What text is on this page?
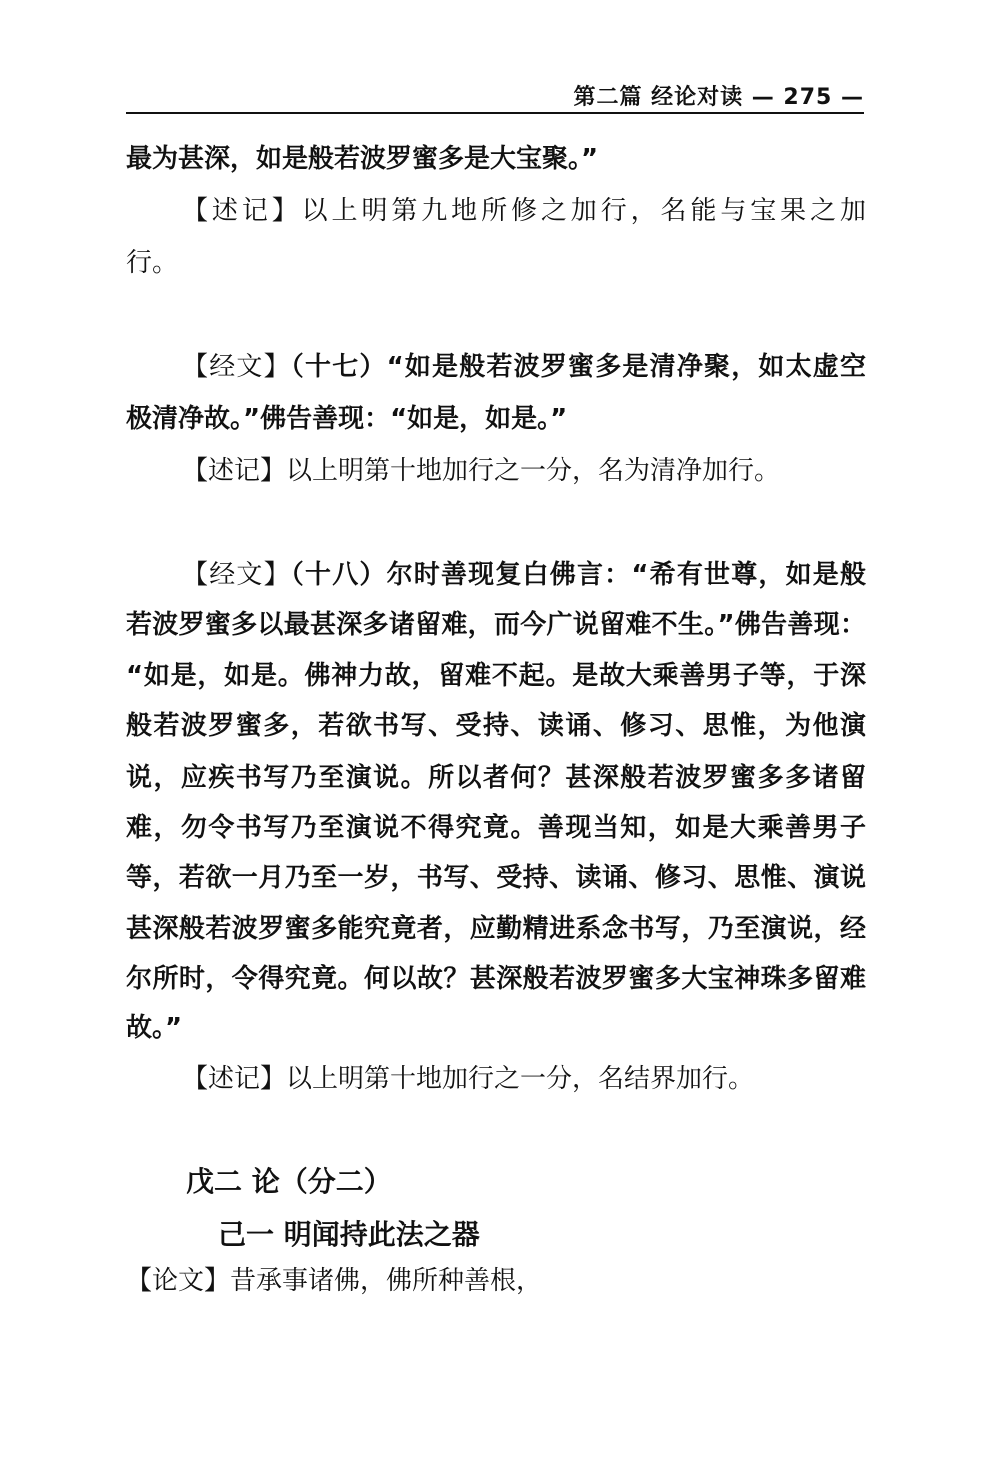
第二篇 经论对读 — 275 —
最为甚深，如是般若波罗蜜多是大宝聚。”
【述记】以上明第九地所修之加行，名能与宝果之加
行。
【经文】（十七）“如是般若波罗蜜多是清净聚，如太虚空
极清净故。”佛告善现：“如是，如是。”
【述记】以上明第十地加行之一分，名为清净加行。
【经文】（十八）尔时善现复白佛言：“希有世尊，如是般
若波罗蜜多以最甚深多诸留难，而今广说留难不生。”佛告善现：
“如是，如是。佛神力故，留难不起。是故大乘善男子等，于深
般若波罗蜜多，若欲书写、受持、读诵、修习、思惟，为他演
说，应疾书写乃至演说。所以者何？甚深般若波罗蜜多多诸留
难，勿令书写乃至演说不得究竟。善现当知，如是大乘善男子
等，若欲一月乃至一岁，书写、受持、读诵、修习、思惟、演说
甚深般若波罗蜜多能究竟者，应勤精进系念书写，乃至演说，经
尔所时，令得究竟。何以故？甚深般若波罗蜜多大宝神珠多留难
故。”
【述记】以上明第十地加行之一分，名结界加行。
戊二 论（分二）
己一 明闻持此法之器
【论文】昔承事诸佛，佛所种善根，
